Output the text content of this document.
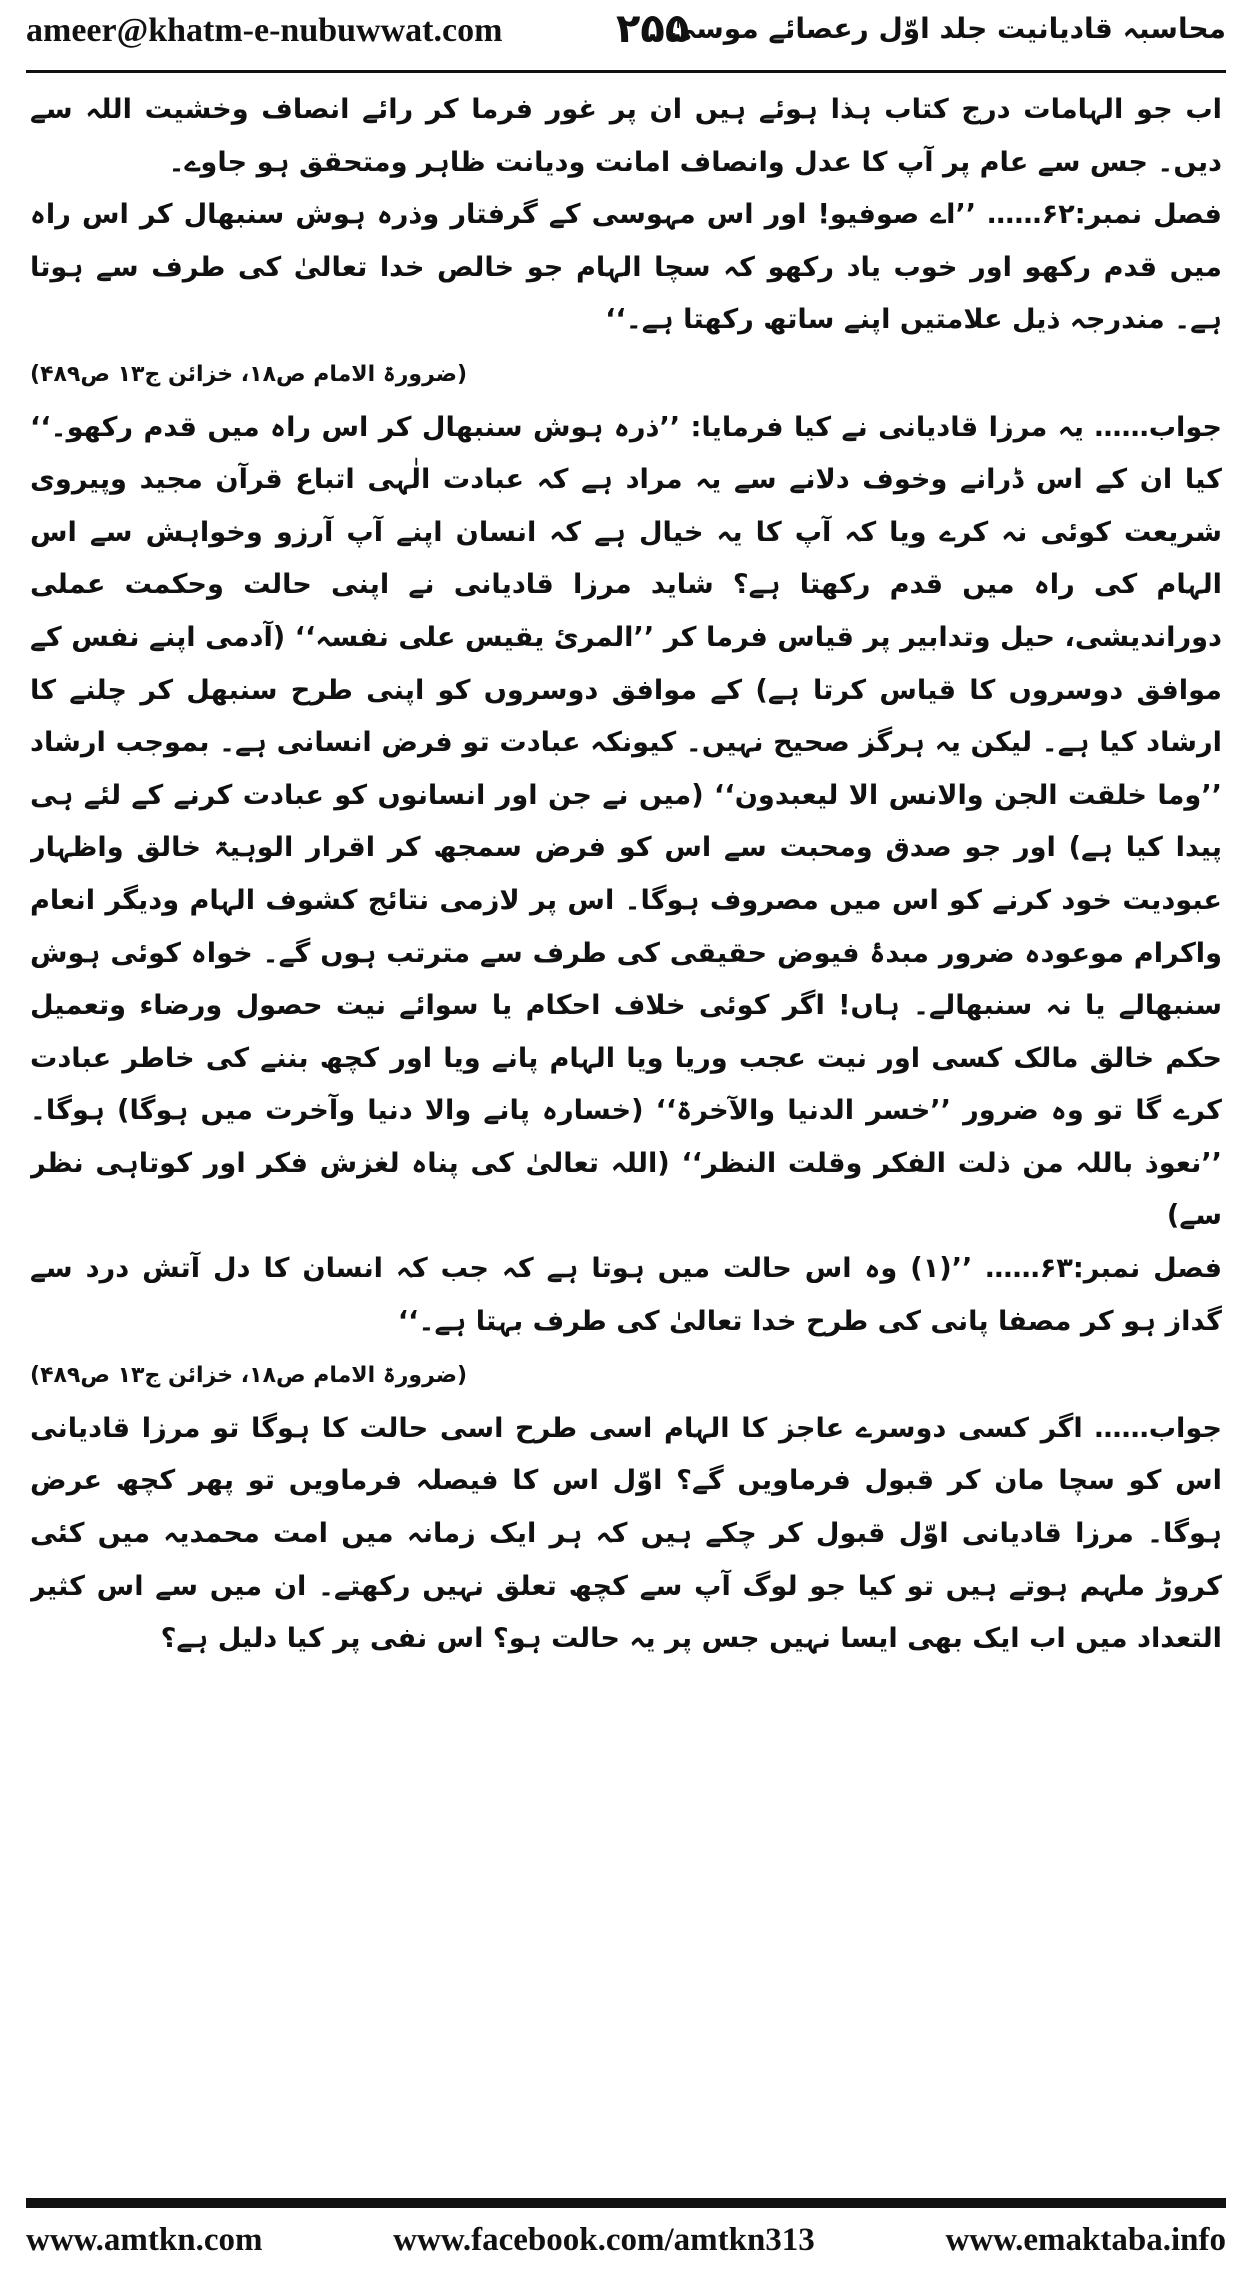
ameer@khatm-e-nubuwwat.com	۲۵۵
محاسبہ قادیانیت جلد اوّل رعصائے موسیٰ

اب جو الہامات درج کتاب ہذا ہوئے ہیں ان پر غور فرما کر رائے انصاف وخشیت اللہ سے دیں۔ جس سے عام پر آپ کا عدل وانصاف امانت ودیانت ظاہر ومتحقق ہو جاوے۔

فصل نمبر:۶۲…… ’’اے صوفیو! اور اس مہوسی کے گرفتار وذرہ ہوش سنبھال کر اس راہ میں قدم رکھو اور خوب یاد رکھو کہ سچا الہام جو خالص خدا تعالیٰ کی طرف سے ہوتا ہے۔ مندرجہ ذیل علامتیں اپنے ساتھ رکھتا ہے۔‘‘

(ضرورۃ الامام ص۱۸، خزائن ج۱۳ ص۴۸۹)

جواب…… یہ مرزا قادیانی نے کیا فرمایا: ’’ذرہ ہوش سنبھال کر اس راہ میں قدم رکھو۔‘‘ کیا ان کے اس ڈرانے وخوف دلانے سے یہ مراد ہے کہ عبادت الٰہی اتباع قرآن مجید وپیروی شریعت کوئی نہ کرے ویا کہ آپ کا یہ خیال ہے کہ انسان اپنے آپ آرزو وخواہش سے اس الہام کی راہ میں قدم رکھتا ہے؟ شاید مرزا قادیانی نے اپنی حالت وحکمت عملی دوراندیشی، حیل وتدابیر پر قیاس فرما کر ’’المرئ یقیس علی نفسہ‘‘ (آدمی اپنے نفس کے موافق دوسروں کا قیاس کرتا ہے) کے موافق دوسروں کو اپنی طرح سنبھل کر چلنے کا ارشاد کیا ہے۔ لیکن یہ ہرگز صحیح نہیں۔ کیونکہ عبادت تو فرض انسانی ہے۔ بموجب ارشاد ’’وما خلقت الجن والانس الا لیعبدون‘‘ (میں نے جن اور انسانوں کو عبادت کرنے کے لئے ہی پیدا کیا ہے) اور جو صدق ومحبت سے اس کو فرض سمجھ کر اقرار الوہیۃ خالق واظہار عبودیت خود کرنے کو اس میں مصروف ہوگا۔ اس پر لازمی نتائج کشوف الہام ودیگر انعام واکرام موعودہ ضرور مبدۂ فیوض حقیقی کی طرف سے مترتب ہوں گے۔ خواہ کوئی ہوش سنبھالے یا نہ سنبھالے۔ ہاں! اگر کوئی خلاف احکام یا سوائے نیت حصول ورضاء وتعمیل حکم خالق مالک کسی اور نیت عجب وریا ویا الہام پانے ویا اور کچھ بننے کی خاطر عبادت کرے گا تو وہ ضرور ’’خسر الدنیا والآخرۃ‘‘ (خسارہ پانے والا دنیا وآخرت میں ہوگا) ہوگا۔ ’’نعوذ باللہ من ذلت الفکر وقلت النظر‘‘ (اللہ تعالیٰ کی پناہ لغزش فکر اور کوتاہی نظر سے)

فصل نمبر:۶۳…… ’’(۱) وہ اس حالت میں ہوتا ہے کہ جب کہ انسان کا دل آتش درد سے گداز ہو کر مصفا پانی کی طرح خدا تعالیٰ کی طرف بہتا ہے۔‘‘

(ضرورۃ الامام ص۱۸، خزائن ج۱۳ ص۴۸۹)

جواب…… اگر کسی دوسرے عاجز کا الہام اسی طرح اسی حالت کا ہوگا تو مرزا قادیانی اس کو سچا مان کر قبول فرماویں گے؟ اوّل اس کا فیصلہ فرماویں تو پھر کچھ عرض ہوگا۔ مرزا قادیانی اوّل قبول کر چکے ہیں کہ ہر ایک زمانہ میں امت محمدیہ میں کئی کروڑ ملہم ہوتے ہیں تو کیا جو لوگ آپ سے کچھ تعلق نہیں رکھتے۔ ان میں سے اس کثیر التعداد میں اب ایک بھی ایسا نہیں جس پر یہ حالت ہو؟ اس نفی پر کیا دلیل ہے؟

www.amtkn.com	www.facebook.com/amtkn313	www.emaktaba.info
